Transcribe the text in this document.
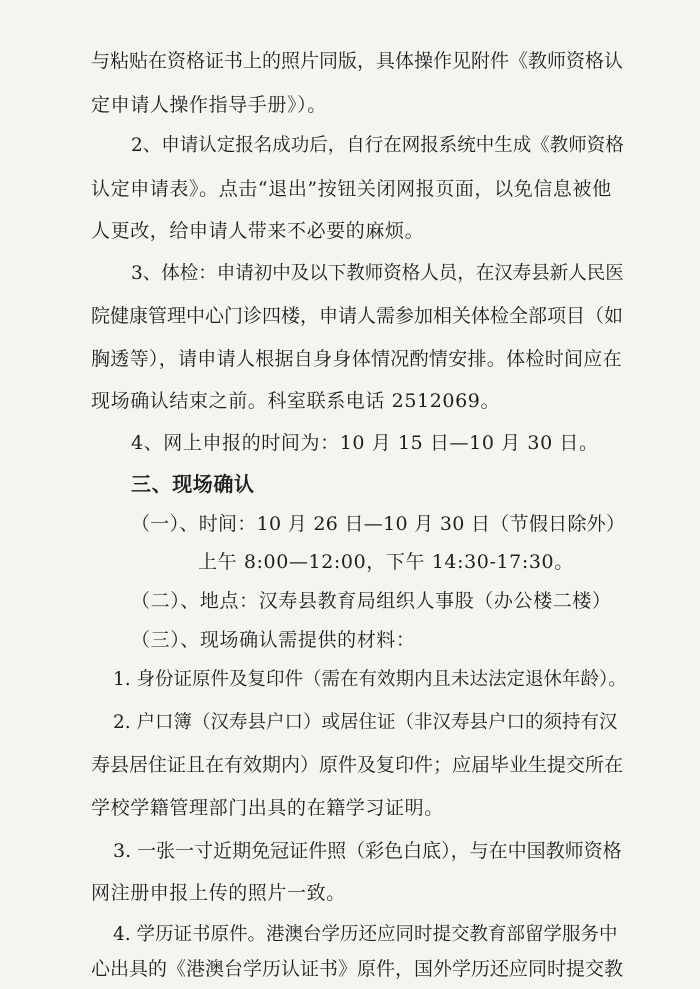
与粘贴在资格证书上的照片同版，具体操作见附件《教师资格认

定申请人操作指导手册》）。

2、申请认定报名成功后，自行在网报系统中生成《教师资格

认定申请表》。点击“退出”按钮关闭网报页面，以免信息被他

人更改，给申请人带来不必要的麻烦。

3、体检：申请初中及以下教师资格人员，在汉寿县新人民医

院健康管理中心门诊四楼，申请人需参加相关体检全部项目（如

胸透等），请申请人根据自身身体情况酌情安排。体检时间应在

现场确认结束之前。科室联系电话 2512069。

4、网上申报的时间为：10 月 15 日—10 月 30 日。

三、现场确认

（一）、时间：10 月 26 日—10 月 30 日（节假日除外）

上午 8:00—12:00，下午 14:30-17:30。

（二）、地点：汉寿县教育局组织人事股（办公楼二楼）

（三）、现场确认需提供的材料：

1. 身份证原件及复印件（需在有效期内且未达法定退休年龄）。

2. 户口簿（汉寿县户口）或居住证（非汉寿县户口的须持有汉

寿县居住证且在有效期内）原件及复印件；应届毕业生提交所在

学校学籍管理部门出具的在籍学习证明。

3. 一张一寸近期免冠证件照（彩色白底），与在中国教师资格

网注册申报上传的照片一致。

4. 学历证书原件。港澳台学历还应同时提交教育部留学服务中

心出具的《港澳台学历认证书》原件，国外学历还应同时提交教
